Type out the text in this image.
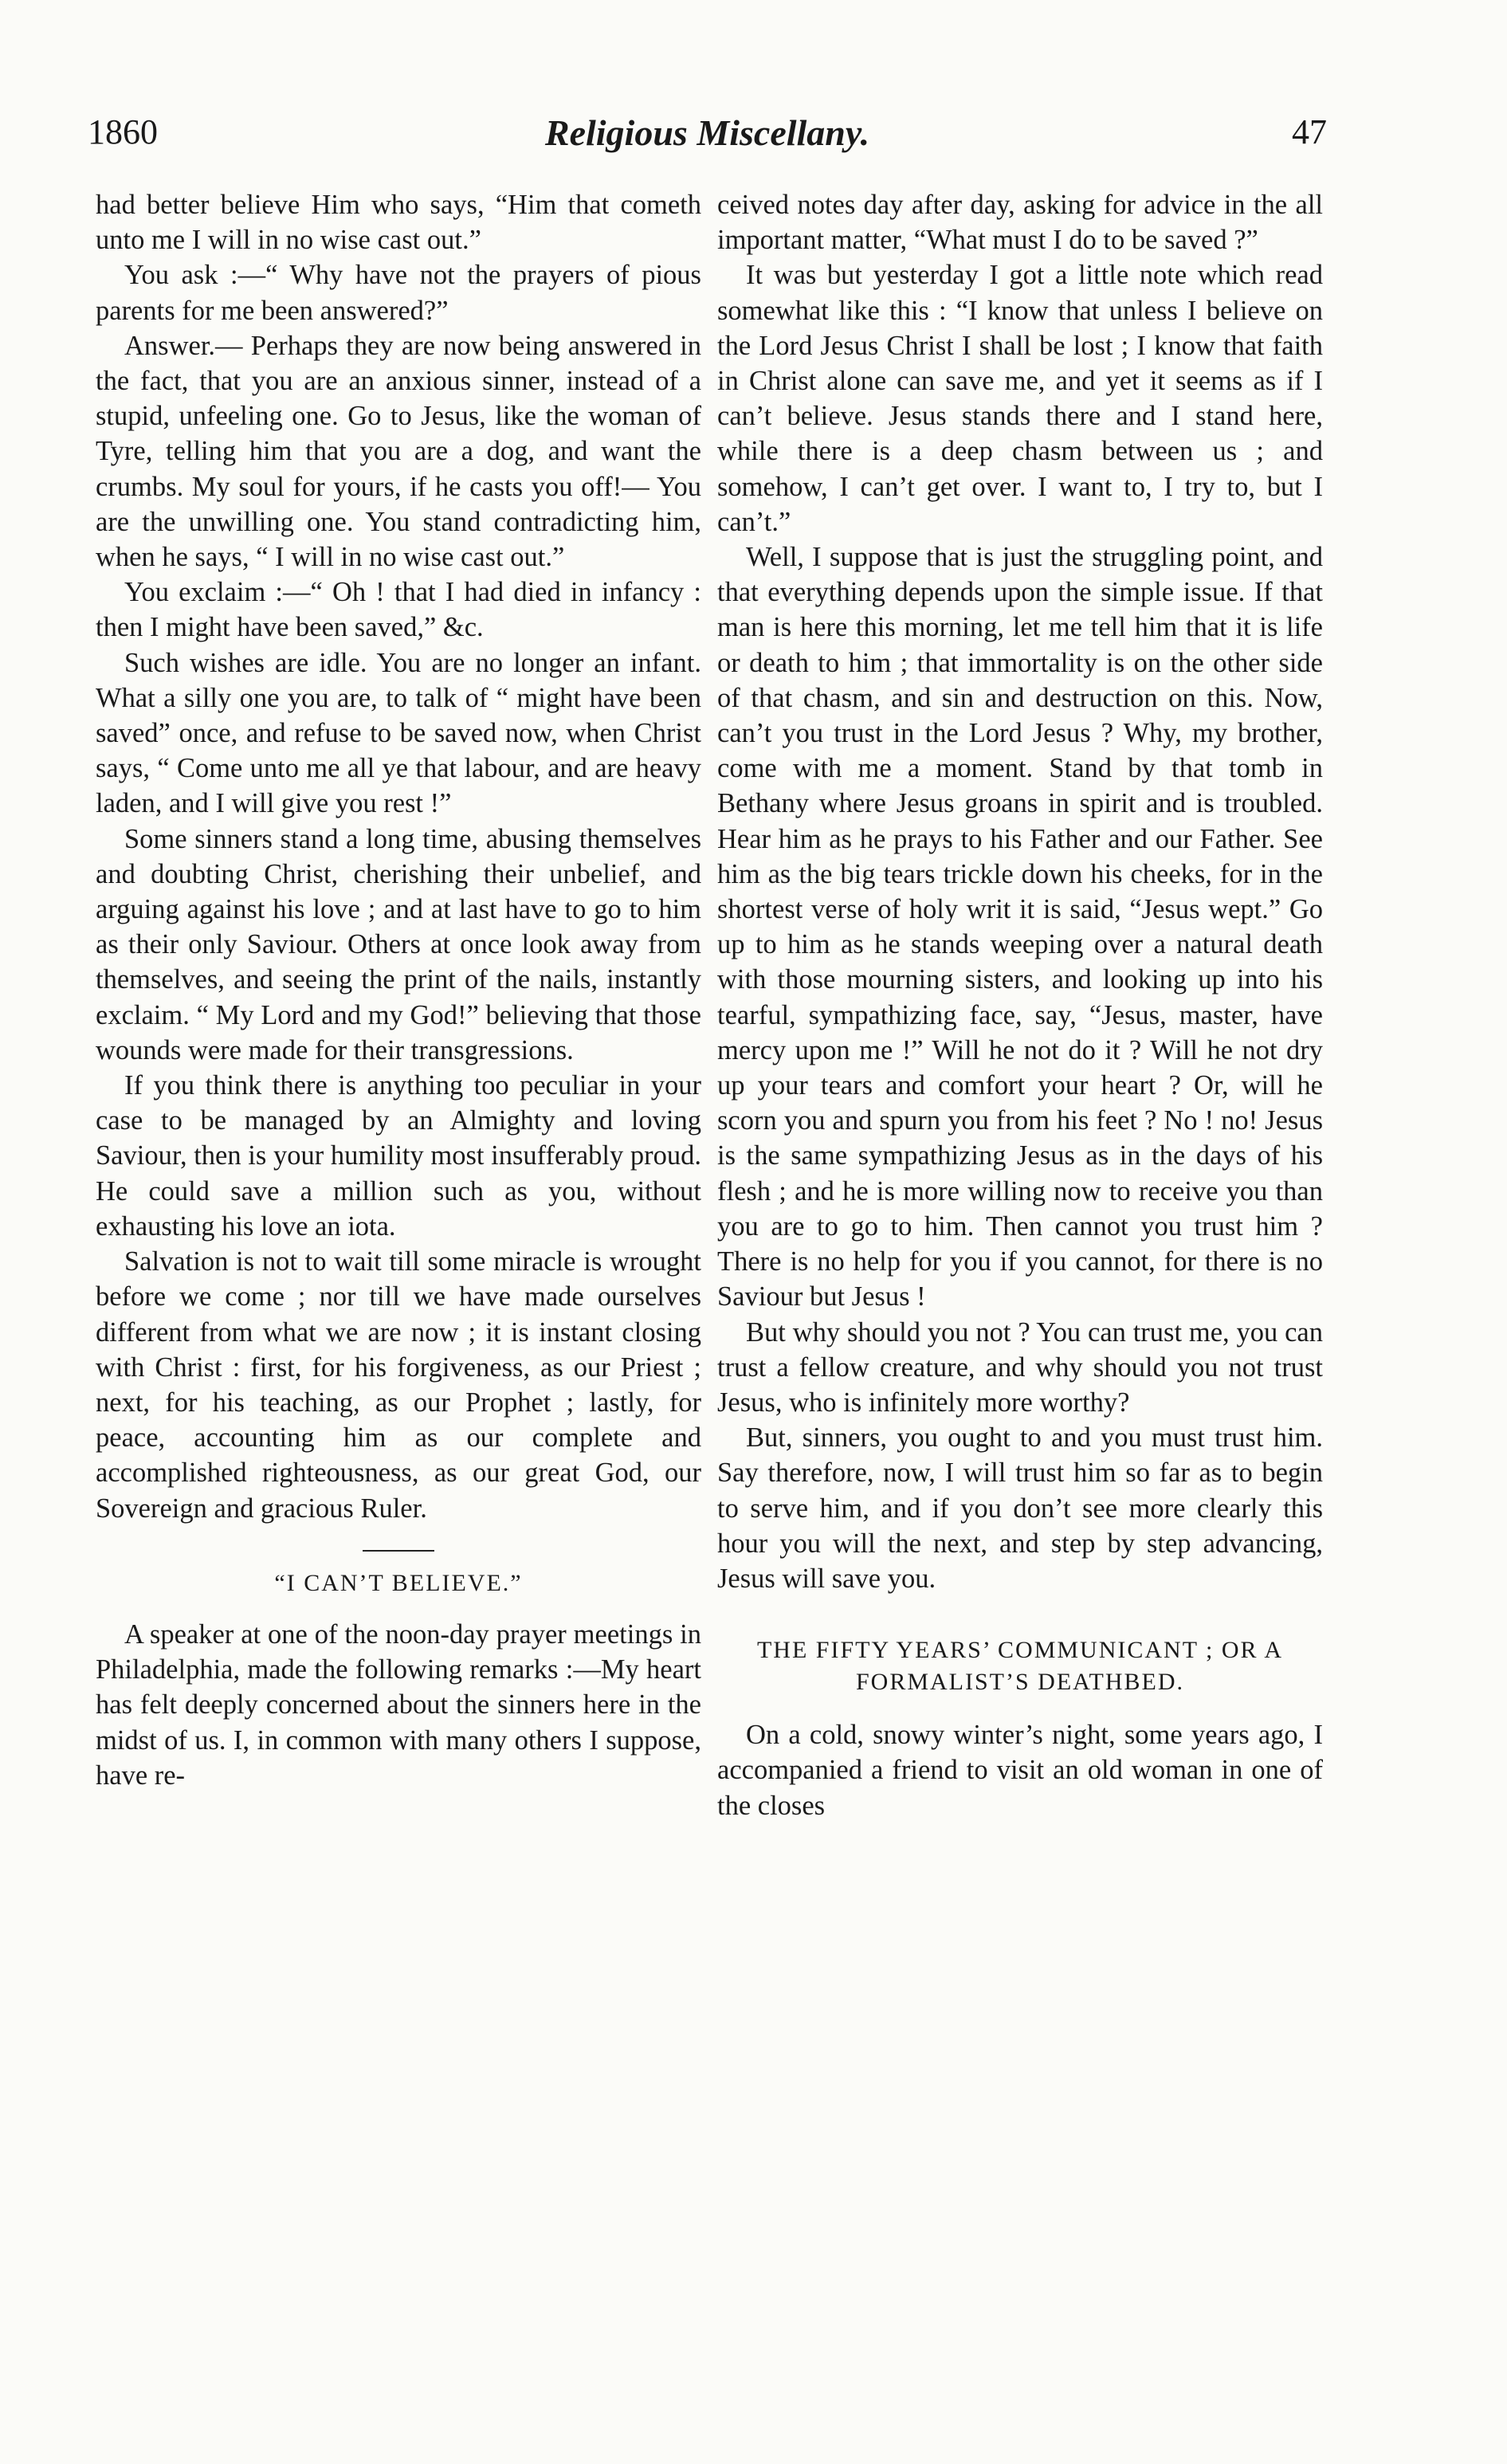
1860	Religious Miscellany.	47

had better believe Him who says, “Him that cometh unto me I will in no wise cast out.”

You ask :—“ Why have not the prayers of pious parents for me been answered?”

Answer.— Perhaps they are now being answered in the fact, that you are an anxious sinner, instead of a stupid, unfeeling one. Go to Jesus, like the woman of Tyre, telling him that you are a dog, and want the crumbs. My soul for yours, if he casts you off!— You are the unwilling one. You stand contradicting him, when he says, “ I will in no wise cast out.”

You exclaim :—“ Oh ! that I had died in infancy : then I might have been saved,” &c.

Such wishes are idle. You are no longer an infant. What a silly one you are, to talk of “ might have been saved” once, and refuse to be saved now, when Christ says, “ Come unto me all ye that labour, and are heavy laden, and I will give you rest !”

Some sinners stand a long time, abusing themselves and doubting Christ, cherishing their unbelief, and arguing against his love ; and at last have to go to him as their only Saviour. Others at once look away from themselves, and seeing the print of the nails, instantly exclaim. “ My Lord and my God!” believing that those wounds were made for their transgressions.

If you think there is anything too peculiar in your case to be managed by an Almighty and loving Saviour, then is your humility most insufferably proud. He could save a million such as you, without exhausting his love an iota.

Salvation is not to wait till some miracle is wrought before we come ; nor till we have made ourselves different from what we are now ; it is instant closing with Christ : first, for his forgiveness, as our Priest ; next, for his teaching, as our Prophet ; lastly, for peace, accounting him as our complete and accomplished righteousness, as our great God, our Sovereign and gracious Ruler.

“I CAN’T BELIEVE.”

A speaker at one of the noon-day prayer meetings in Philadelphia, made the following remarks :—My heart has felt deeply concerned about the sinners here in the midst of us. I, in common with many others I suppose, have re-

ceived notes day after day, asking for advice in the all important matter, “What must I do to be saved ?”

It was but yesterday I got a little note which read somewhat like this : “I know that unless I believe on the Lord Jesus Christ I shall be lost ; I know that faith in Christ alone can save me, and yet it seems as if I can’t believe. Jesus stands there and I stand here, while there is a deep chasm between us ; and somehow, I can’t get over. I want to, I try to, but I can’t.”

Well, I suppose that is just the struggling point, and that everything depends upon the simple issue. If that man is here this morning, let me tell him that it is life or death to him ; that immortality is on the other side of that chasm, and sin and destruction on this. Now, can’t you trust in the Lord Jesus ? Why, my brother, come with me a moment. Stand by that tomb in Bethany where Jesus groans in spirit and is troubled. Hear him as he prays to his Father and our Father. See him as the big tears trickle down his cheeks, for in the shortest verse of holy writ it is said, “Jesus wept.” Go up to him as he stands weeping over a natural death with those mourning sisters, and looking up into his tearful, sympathizing face, say, “Jesus, master, have mercy upon me !” Will he not do it ? Will he not dry up your tears and comfort your heart ? Or, will he scorn you and spurn you from his feet ? No ! no! Jesus is the same sympathizing Jesus as in the days of his flesh ; and he is more willing now to receive you than you are to go to him. Then cannot you trust him ? There is no help for you if you cannot, for there is no Saviour but Jesus !

But why should you not ? You can trust me, you can trust a fellow creature, and why should you not trust Jesus, who is infinitely more worthy?

But, sinners, you ought to and you must trust him. Say therefore, now, I will trust him so far as to begin to serve him, and if you don’t see more clearly this hour you will the next, and step by step advancing, Jesus will save you.

THE FIFTY YEARS’ COMMUNICANT ; OR A FORMALIST’S DEATHBED.

On a cold, snowy winter’s night, some years ago, I accompanied a friend to visit an old woman in one of the closes
